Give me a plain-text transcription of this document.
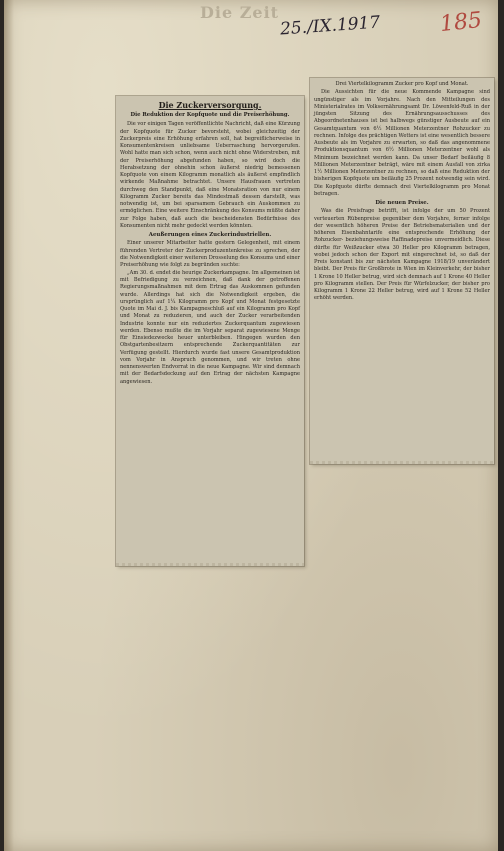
Die Zeit
25./IX.1917	185
Die Zuckerversorgung.
Die Reduktion der Kopfquote und die Preiserhöhung.

Die vor einigen Tagen veröffentlichte Nachricht, daß eine Kürzung der Kopfquote für Zucker bevorsteht, wobei gleichzeitig der Zuckerpreis eine Erhöhung erfahren soll, hat begreiflicherweise in Konsumentenkreisen unliebsame Ueberraschung hervorgerufen. Wohl hatte man sich schon, wenn auch nicht ohne Widerstreben, mit der Preiserhöhung abgefunden haben, so wird doch die Herabsetzung der ohnehin schon äußerst niedrig bemessenen Kopfquote von einem Kilogramm monatlich als äußerst empfindlich wirkende Maßnahme betrachtet. Unsere Hausfrauen vertreten durchweg den Standpunkt, daß eine Monatsration von nur einem Kilogramm Zucker bereits das Mindestmaß dessen darstellt, was notwendig ist, um bei sparsamem Gebrauch ein Auskommen zu ermöglichen. Eine weitere Einschränkung des Konsums müßte daher zur Folge haben, daß auch die bescheidensten Bedürfnisse des Konsumenten nicht mehr gedeckt werden könnten.

Aeußerungen eines Zuckerindustriellen.

Einer unserer Mitarbeiter hatte gestern Gelegenheit, mit einem führenden Vertreter der Zuckerproduzentenkreise zu sprechen, der die Notwendigkeit einer weiteren Drosselung des Konsums und einer Preiserhöhung wie folgt zu begründen suchte:

„Am 30. d. endet die heurige Zuckerkampagne. Im allgemeinen ist mit Befriedigung zu verzeichnen, daß dank der getroffenen Regierungsmaßnahmen mit dem Ertrag das Auskommen gefunden wurde. Allerdings hat sich die Notwendigkeit ergeben, die ursprünglich auf 1¼ Kilogramm pro Kopf und Monat festgesetzte Quote im Mai d. J. bis Kampagneschluß auf ein Kilogramm pro Kopf und Monat zu reduzieren, und auch der Zucker verarbeitenden Industrie konnte nur ein reduziertes Zuckerquantum zugewiesen werden. Ebenso mußte die im Vorjahr separat zugewiesene Menge für Einsiedezwecke heuer unterbleiben. Hingegen wurden den Obstgartenbesitzern entsprechende Zuckerquantitäten zur Verfügung gestellt. Hierdurch wurde fast unsere Gesamtproduktion vom Vorjahr in Anspruch genommen, und wir treten ohne nennenswerten Endvorrat in die neue Kampagne. Wir sind demnach mit der Bedarfsdeckung auf den Ertrag der nächsten Kampagne angewiesen.

Drei Viertelkilogramm Zucker pro Kopf und Monat.

Die Aussichten für die neue Kommende Kampagne sind ungünstiger als im Vorjahre. Nach den Mitteilungen des Ministerialrates im Volksernährungsamt Dr. Löwenfeld-Ruß in der jüngsten Sitzung des Ernährungsausschusses des Abgeordnetenhauses ist bei halbwegs günstiger Ausbeute auf ein Gesamtquantum von 6½ Millionen Meterzentner Rohzucker zu rechnen. Infolge des prächtigen Wetters ist eine wesentlich bessere Ausbeute als im Vorjahre zu erwarten, so daß das angenommene Produktionsquantum von 6½ Millionen Meterzentner wohl als Minimum bezeichnet werden kann. Da unser Bedarf beiläufig 8 Millionen Meterzentner beträgt, wäre mit einem Ausfall von zirka 1½ Millionen Meterzentner zu rechnen, so daß eine Reduktion der bisherigen Kopfquote um beiläufig 25 Prozent notwendig sein wird. Die Kopfquote dürfte demnach drei Viertelkilogramm pro Monat betragen.

Die neuen Preise.

Was die Preisfrage betrifft, ist infolge der um 50 Prozent verteuerten Rübenpreise gegenüber dem Vorjahre, ferner infolge der wesentlich höheren Preise der Betriebsmaterialien und der höheren Eisenbahntarife eine entsprechende Erhöhung der Rohzucker- beziehungsweise Raffinadepreise unvermeidlich. Diese dürfte für Weißzucker etwa 30 Heller pro Kilogramm betragen, wobei jedoch schon der Export mit eingerechnet ist, so daß der Preis konstant bis zur nächsten Kampagne 1918/19 unverändert bleibt. Der Preis für Großbrote in Wien im Kleinverkehr, der bisher 1 Krone 10 Heller betrug, wird sich demnach auf 1 Krone 40 Heller pro Kilogramm stellen. Der Preis für Würfelzucker, der bisher pro Kilogramm 1 Krone 22 Heller betrug, wird auf 1 Krone 52 Heller erhöht werden.
